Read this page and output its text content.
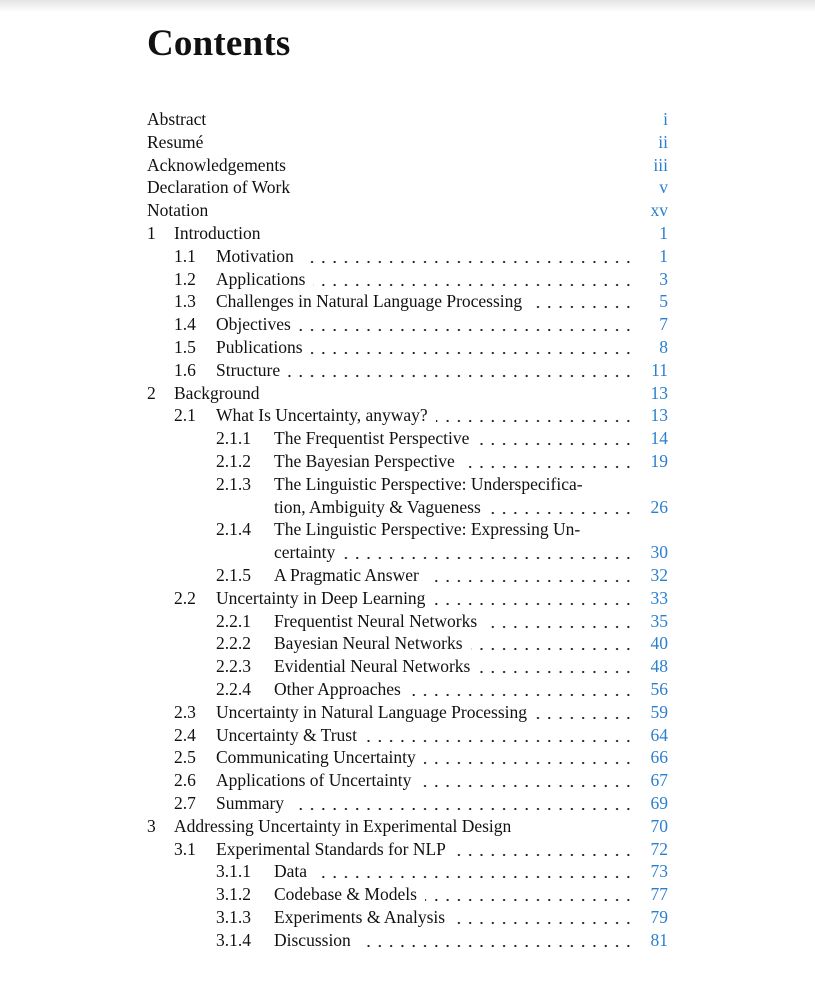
Contents
Abstract	i
Resumé	ii
Acknowledgements	iii
Declaration of Work	v
Notation	xv
1 Introduction	1
1.1 Motivation	1
1.2 Applications	3
1.3 Challenges in Natural Language Processing	5
1.4 Objectives	7
1.5 Publications	8
1.6 Structure	11
2 Background	13
2.1 What Is Uncertainty, anyway?	13
2.1.1 The Frequentist Perspective	14
2.1.2 The Bayesian Perspective	19
2.1.3 The Linguistic Perspective: Underspecifica-
tion, Ambiguity & Vagueness	26
2.1.4 The Linguistic Perspective: Expressing Un-
certainty	30
2.1.5 A Pragmatic Answer	32
2.2 Uncertainty in Deep Learning	33
2.2.1 Frequentist Neural Networks	35
2.2.2 Bayesian Neural Networks	40
2.2.3 Evidential Neural Networks	48
2.2.4 Other Approaches	56
2.3 Uncertainty in Natural Language Processing	59
2.4 Uncertainty & Trust	64
2.5 Communicating Uncertainty	66
2.6 Applications of Uncertainty	67
2.7 Summary	69
3 Addressing Uncertainty in Experimental Design	70
3.1 Experimental Standards for NLP	72
3.1.1 Data	73
3.1.2 Codebase & Models	77
3.1.3 Experiments & Analysis	79
3.1.4 Discussion	81
